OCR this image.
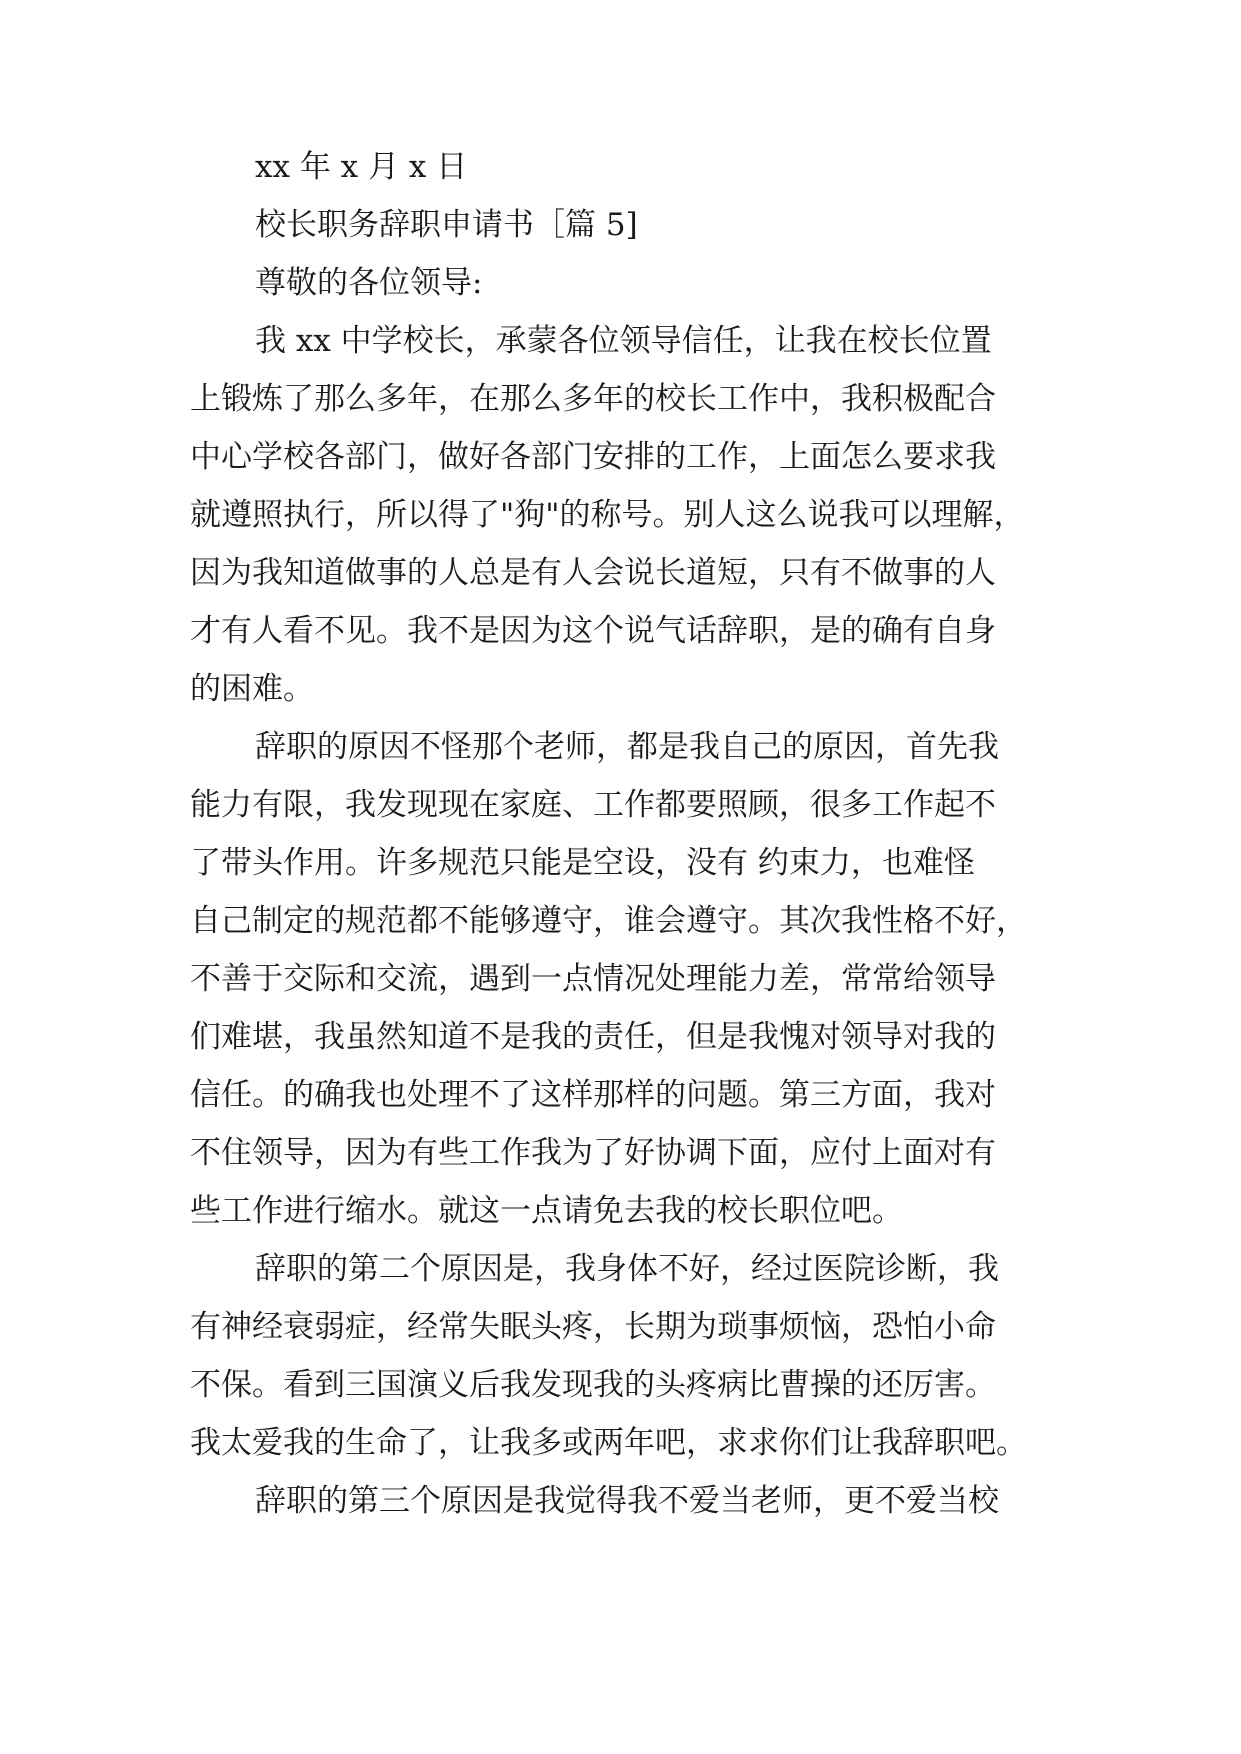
xx 年 x 月 x 日
校长职务辞职申请书［篇 5]
尊敬的各位领导:
我 xx 中学校长，承蒙各位领导信任，让我在校长位置
上锻炼了那么多年，在那么多年的校长工作中，我积极配合
中心学校各部门，做好各部门安排的工作，上面怎么要求我
就遵照执行，所以得了"狗"的称号。别人这么说我可以理解，
因为我知道做事的人总是有人会说长道短，只有不做事的人
才有人看不见。我不是因为这个说气话辞职，是的确有自身
的困难。
辞职的原因不怪那个老师，都是我自己的原因，首先我
能力有限，我发现现在家庭、工作都要照顾，很多工作起不
了带头作用。许多规范只能是空设，没有 约束力，也难怪
自己制定的规范都不能够遵守，谁会遵守。其次我性格不好，
不善于交际和交流，遇到一点情况处理能力差，常常给领导
们难堪，我虽然知道不是我的责任，但是我愧对领导对我的
信任。的确我也处理不了这样那样的问题。第三方面，我对
不住领导，因为有些工作我为了好协调下面，应付上面对有
些工作进行缩水。就这一点请免去我的校长职位吧。
辞职的第二个原因是，我身体不好，经过医院诊断，我
有神经衰弱症，经常失眠头疼，长期为琐事烦恼，恐怕小命
不保。看到三国演义后我发现我的头疼病比曹操的还厉害。
我太爱我的生命了，让我多或两年吧，求求你们让我辞职吧。
辞职的第三个原因是我觉得我不爱当老师，更不爱当校
